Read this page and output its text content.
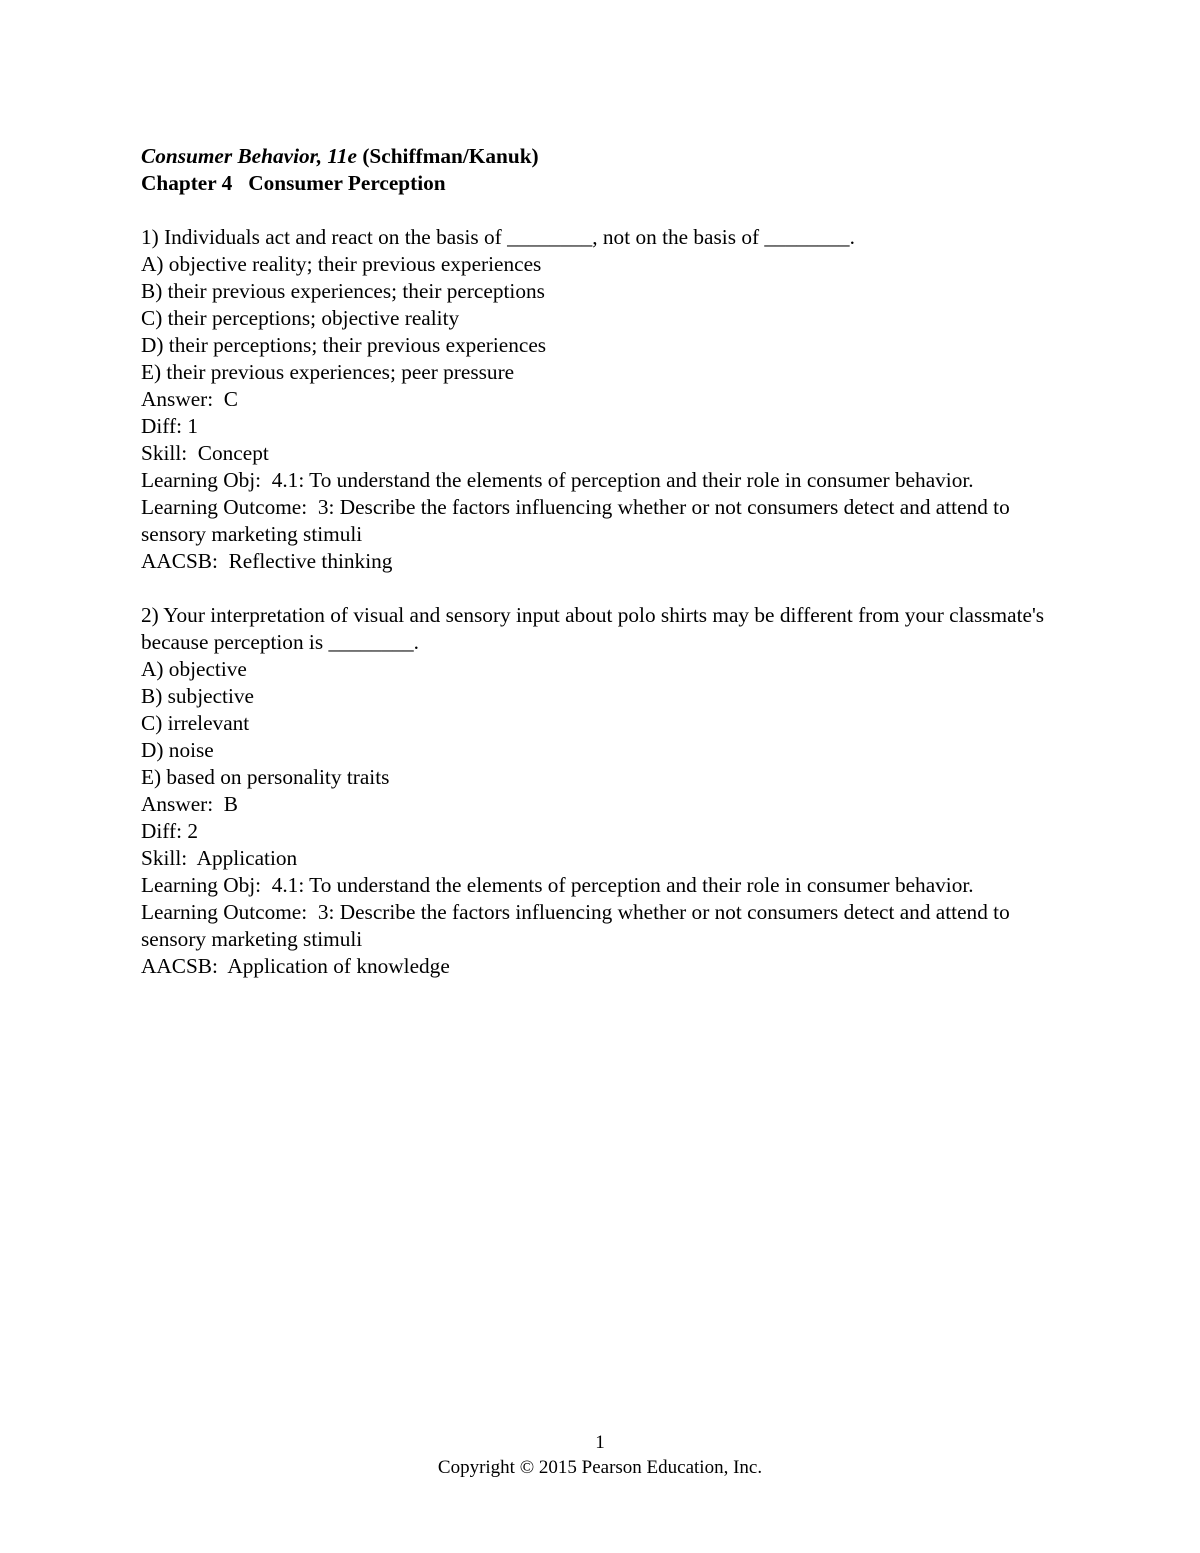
Consumer Behavior, 11e (Schiffman/Kanuk)
Chapter 4   Consumer Perception
1) Individuals act and react on the basis of ________, not on the basis of ________.
A) objective reality; their previous experiences
B) their previous experiences; their perceptions
C) their perceptions; objective reality
D) their perceptions; their previous experiences
E) their previous experiences; peer pressure
Answer:  C
Diff: 1
Skill:  Concept
Learning Obj:  4.1: To understand the elements of perception and their role in consumer behavior.
Learning Outcome:  3: Describe the factors influencing whether or not consumers detect and attend to sensory marketing stimuli
AACSB:  Reflective thinking
2) Your interpretation of visual and sensory input about polo shirts may be different from your classmate's because perception is ________.
A) objective
B) subjective
C) irrelevant
D) noise
E) based on personality traits
Answer:  B
Diff: 2
Skill:  Application
Learning Obj:  4.1: To understand the elements of perception and their role in consumer behavior.
Learning Outcome:  3: Describe the factors influencing whether or not consumers detect and attend to sensory marketing stimuli
AACSB:  Application of knowledge
1
Copyright © 2015 Pearson Education, Inc.
